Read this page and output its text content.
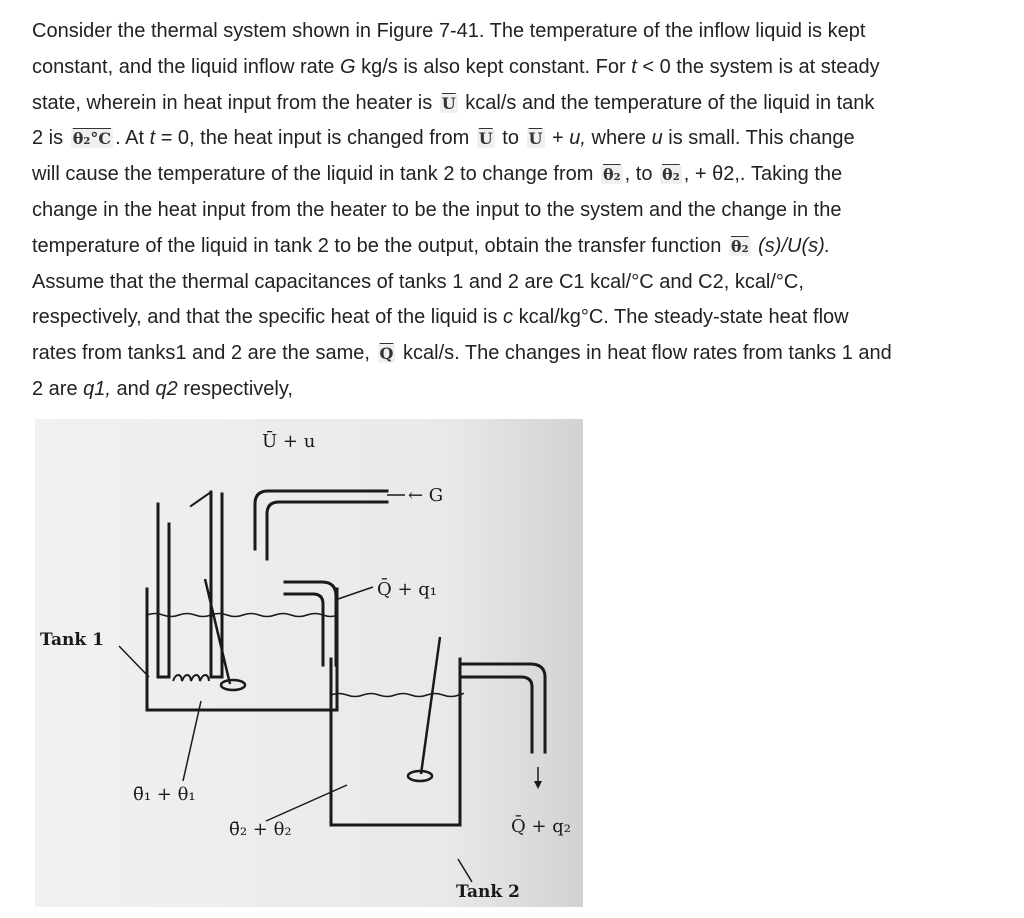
Consider the thermal system shown in Figure 7-41. The temperature of the inflow liquid is kept
constant, and the liquid inflow rate G kg/s is also kept constant. For t < 0 the system is at steady
state, wherein in heat input from the heater is $\overline{U}$ kcal/s and the temperature of the liquid in tank
2 is θ₂°C . At t = 0, the heat input is changed from $\overline{U}$ to $\overline{U} + u$, where u is small. This change
will cause the temperature of the liquid in tank 2 to change from θ₂ , to θ₂ , + θ2,. Taking the
change in the heat input from the heater to be the input to the system and the change in the
temperature of the liquid in tank 2 to be the output, obtain the transfer function θ₂ (s)/U(s).
Assume that the thermal capacitances of tanks 1 and 2 are C1 kcal/°C and C2, kcal/°C,
respectively, and that the specific heat of the liquid is c kcal/kg°C. The steady-state heat flow
rates from tanks1 and 2 are the same, $\overline{Q}$ kcal/s. The changes in heat flow rates from tanks 1 and
2 are q1, and q2 respectively,
Ū + u
← G
Q̄ + q₁
Tank 1
θ̄₁ + θ₁
θ̄₂ + θ₂	Q̄ + q₂
Tank 2
